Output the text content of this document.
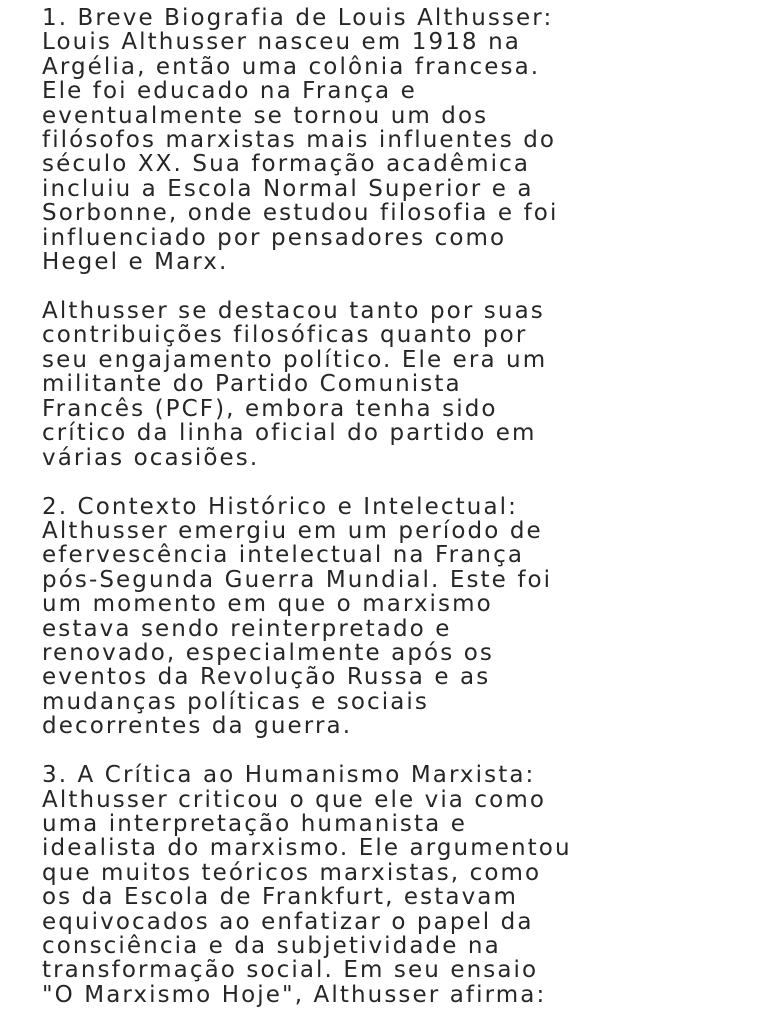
1. Breve Biografia de Louis Althusser:
Louis Althusser nasceu em 1918 na
Argélia, então uma colônia francesa.
Ele foi educado na França e
eventualmente se tornou um dos
filósofos marxistas mais influentes do
século XX. Sua formação acadêmica
incluiu a Escola Normal Superior e a
Sorbonne, onde estudou filosofia e foi
influenciado por pensadores como
Hegel e Marx.

Althusser se destacou tanto por suas
contribuições filosóficas quanto por
seu engajamento político. Ele era um
militante do Partido Comunista
Francês (PCF), embora tenha sido
crítico da linha oficial do partido em
várias ocasiões.

2. Contexto Histórico e Intelectual:
Althusser emergiu em um período de
efervescência intelectual na França
pós-Segunda Guerra Mundial. Este foi
um momento em que o marxismo
estava sendo reinterpretado e
renovado, especialmente após os
eventos da Revolução Russa e as
mudanças políticas e sociais
decorrentes da guerra.

3. A Crítica ao Humanismo Marxista:
Althusser criticou o que ele via como
uma interpretação humanista e
idealista do marxismo. Ele argumentou
que muitos teóricos marxistas, como
os da Escola de Frankfurt, estavam
equivocados ao enfatizar o papel da
consciência e da subjetividade na
transformação social. Em seu ensaio
"O Marxismo Hoje", Althusser afirma:
